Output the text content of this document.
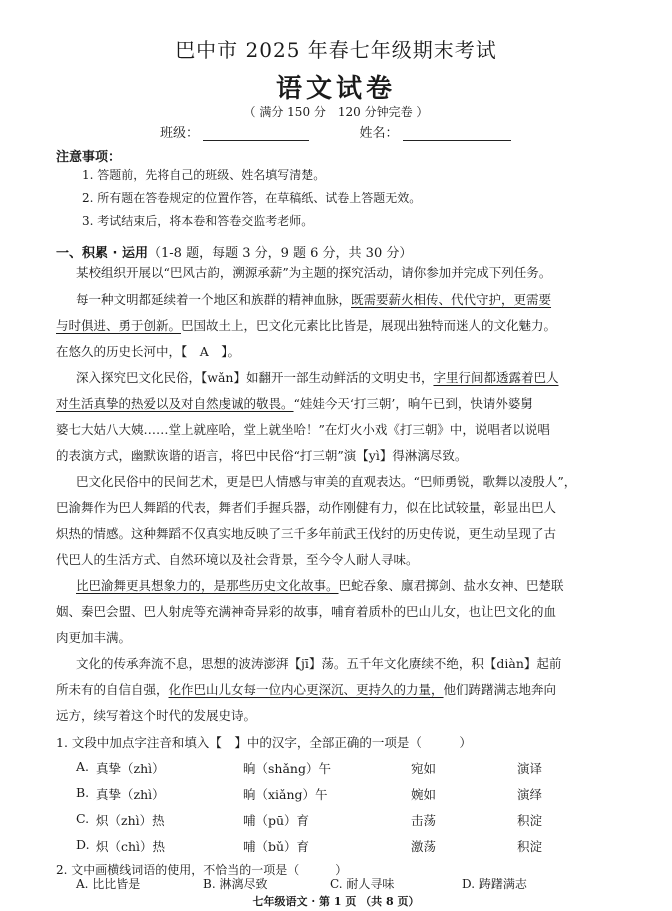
巴中市 2025 年春七年级期末考试
语文试卷
（ 满分 150 分　120 分钟完卷 ）
班级：	姓名：
注意事项：
1. 答题前，先将自己的班级、姓名填写清楚。
2. 所有题在答卷规定的位置作答，在草稿纸、试卷上答题无效。
3. 考试结束后，将本卷和答卷交监考老师。
一、积累 · 运用（1-8 题，每题 3 分，9 题 6 分，共 30 分）
某校组织开展以“巴风古韵，溯源承薪”为主题的探究活动，请你参加并完成下列任务。
每一种文明都延续着一个地区和族群的精神血脉，既需要薪火相传、代代守护，更需要
与时俱进、勇于创新。巴国故土上，巴文化元素比比皆是，展现出独特而迷人的文化魅力。
在悠久的历史长河中，【　A　】。
深入探究巴文化民俗，【wǎn】如翻开一部生动鲜活的文明史书，字里行间都透露着巴人
对生活真挚的热爱以及对自然虔诚的敬畏。“娃娃今天‘打三朝’，晌午已到，快请外婆舅
婆七大姑八大姨……堂上就座哈，堂上就坐哈！”在灯火小戏《打三朝》中，说唱者以说唱
的表演方式，幽默诙谐的语言，将巴中民俗“打三朝”演【yì】得淋漓尽致。
巴文化民俗中的民间艺术，更是巴人情感与审美的直观表达。“巴师勇锐，歌舞以凌殷人”，
巴渝舞作为巴人舞蹈的代表，舞者们手握兵器，动作刚健有力，似在比试较量，彰显出巴人
炽热的情感。这种舞蹈不仅真实地反映了三千多年前武王伐纣的历史传说，更生动呈现了古
代巴人的生活方式、自然环境以及社会背景，至今令人耐人寻味。
比巴渝舞更具想象力的，是那些历史文化故事。巴蛇吞象、廪君掷剑、盐水女神、巴楚联
姻、秦巴会盟、巴人射虎等充满神奇异彩的故事，哺育着质朴的巴山儿女，也让巴文化的血
肉更加丰满。
文化的传承奔流不息，思想的波涛澎湃【jī】荡。五千年文化赓续不绝，积【diàn】起前
所未有的自信自强，化作巴山儿女每一位内心更深沉、更持久的力量，他们踌躇满志地奔向
远方，续写着这个时代的发展史诗。
1. 文段中加点字注音和填入【　】中的汉字，全部正确的一项是（　　　）
A. 真挚（zhì）	晌（shǎng）午	宛如	演译
B. 真挚（zhì）	晌（xiǎng）午	婉如	演绎
C. 炽（zhì）热	哺（pū）育	击荡	积淀
D. 炽（chì）热	哺（bǔ）育	激荡	积淀
2. 文中画横线词语的使用，不恰当的一项是（　　　）
A. 比比皆是	B. 淋漓尽致	C. 耐人寻味	D. 踌躇满志
七年级语文 · 第 1 页 （共 8 页）
